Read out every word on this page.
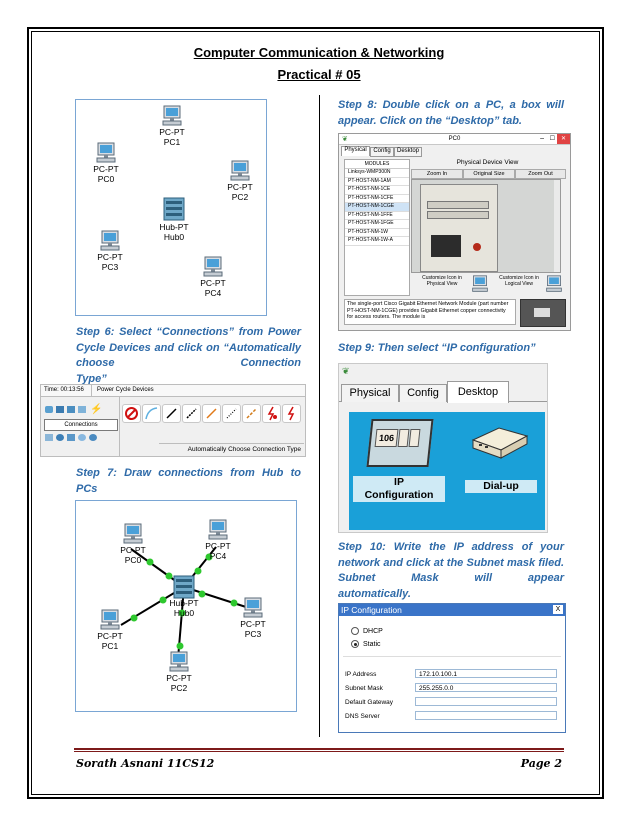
Computer Communication & Networking
Practical # 05
PC-PT
PC1
PC-PT
PC0
PC-PT
PC2
Hub-PT
Hub0
PC-PT
PC3
PC-PT
PC4
Step 6: Select “Connections” from Power Cycle Devices and click on “Automatically choose Connection
Type”
Time: 00:13:56 Power Cycle Devices
⚡
Connections
Automatically Choose Connection Type
Step 7: Draw connections from Hub to
PCs
PC-PT
PC0
PC-PT
PC4
Hub-PT
Hub0
PC-PT
PC1
PC-PT
PC3
PC-PT
PC2
Step 8: Double click on a PC, a box will
appear. Click on the “Desktop” tab.
❦	PC0	– ☐ ✕
Physical	Config	Desktop
MODULES
Linksys-WMP300N
PT-HOST-NM-1AM
PT-HOST-NM-1CE
PT-HOST-NM-1CFE
PT-HOST-NM-1CGE
PT-HOST-NM-1FFE
PT-HOST-NM-1FGE
PT-HOST-NM-1W
PT-HOST-NM-1W-A
Physical Device View
Zoom In	Original Size	Zoom Out
Customize Icon in Physical View
Customize Icon in Logical View
The single-port Cisco Gigabit Ethernet Network Module (part number PT-HOST-NM-1CGE) provides Gigabit Ethernet copper connectivity for access routers. The module is
Step 9: Then select “IP configuration”
❦
Physical	Config	Desktop
106
IP
Configuration
Dial-up
Step 10: Write the IP address of your network and click at the Subnet mask filed. Subnet Mask will appear
automatically.
IP Configuration	X
DHCP
Static
IP Address	172.10.100.1
Subnet Mask	255.255.0.0
Default Gateway
DNS Server
Sorath Asnani 11CS12	Page 2
